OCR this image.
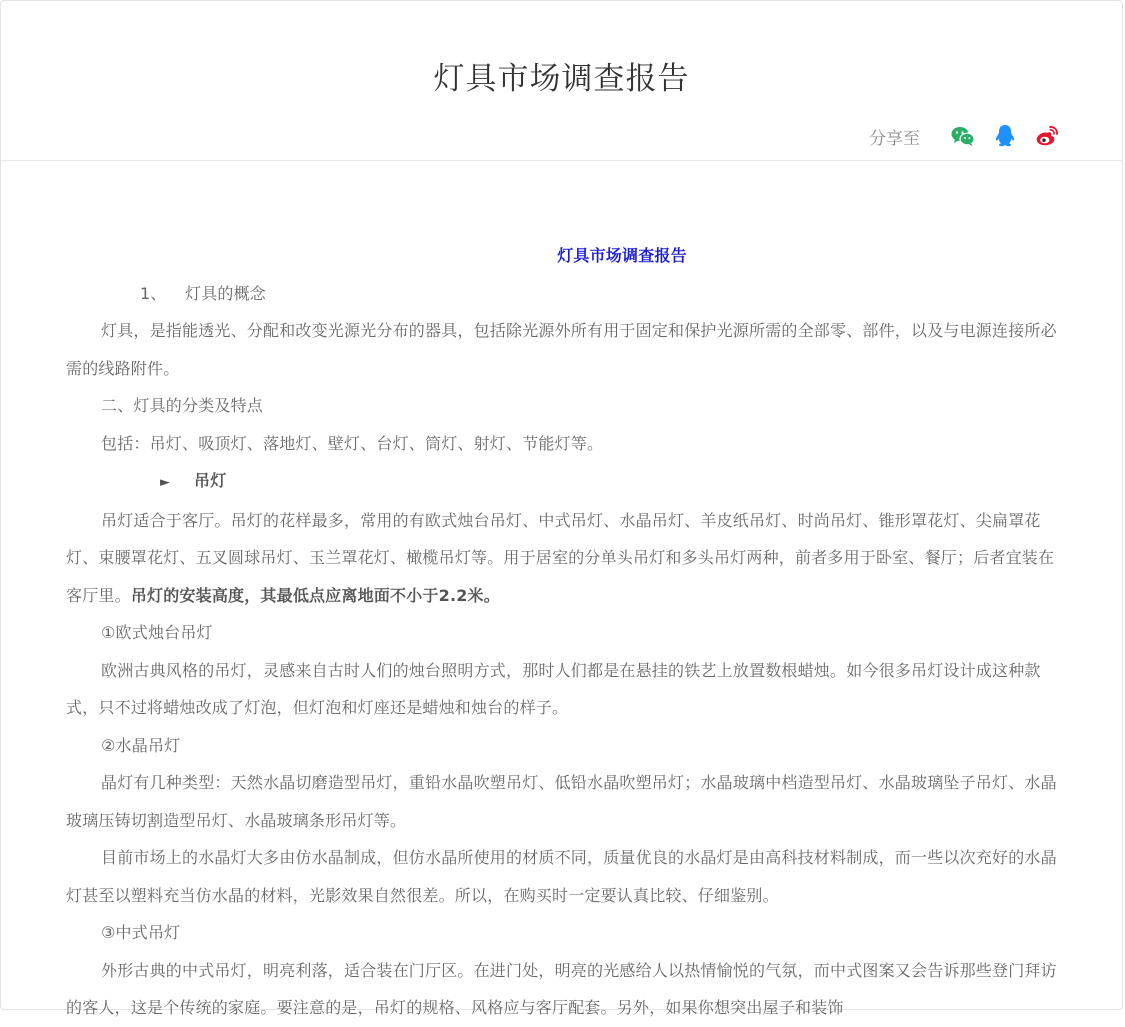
灯具市场调查报告
分享至

灯具市场调查报告

1、 灯具的概念

灯具，是指能透光、分配和改变光源光分布的器具，包括除光源外所有用于固定和保护光源所需的全部零、部件，以及与电源连接所必需的线路附件。

二、灯具的分类及特点

包括：吊灯、吸顶灯、落地灯、壁灯、台灯、筒灯、射灯、节能灯等。

► 吊灯

吊灯适合于客厅。吊灯的花样最多，常用的有欧式烛台吊灯、中式吊灯、水晶吊灯、羊皮纸吊灯、时尚吊灯、锥形罩花灯、尖扁罩花灯、束腰罩花灯、五叉圆球吊灯、玉兰罩花灯、橄榄吊灯等。用于居室的分单头吊灯和多头吊灯两种，前者多用于卧室、餐厅；后者宜装在客厅里。吊灯的安装高度，其最低点应离地面不小于2.2米。

①欧式烛台吊灯

欧洲古典风格的吊灯，灵感来自古时人们的烛台照明方式，那时人们都是在悬挂的铁艺上放置数根蜡烛。如今很多吊灯设计成这种款式，只不过将蜡烛改成了灯泡，但灯泡和灯座还是蜡烛和烛台的样子。

②水晶吊灯

晶灯有几种类型：天然水晶切磨造型吊灯，重铅水晶吹塑吊灯、低铅水晶吹塑吊灯；水晶玻璃中档造型吊灯、水晶玻璃坠子吊灯、水晶玻璃压铸切割造型吊灯、水晶玻璃条形吊灯等。

目前市场上的水晶灯大多由仿水晶制成，但仿水晶所使用的材质不同，质量优良的水晶灯是由高科技材料制成，而一些以次充好的水晶灯甚至以塑料充当仿水晶的材料，光影效果自然很差。所以，在购买时一定要认真比较、仔细鉴别。

③中式吊灯

外形古典的中式吊灯，明亮利落，适合装在门厅区。在进门处，明亮的光感给人以热情愉悦的气氛，而中式图案又会告诉那些登门拜访的客人，这是个传统的家庭。要注意的是，吊灯的规格、风格应与客厅配套。另外，如果你想突出屋子和装饰
